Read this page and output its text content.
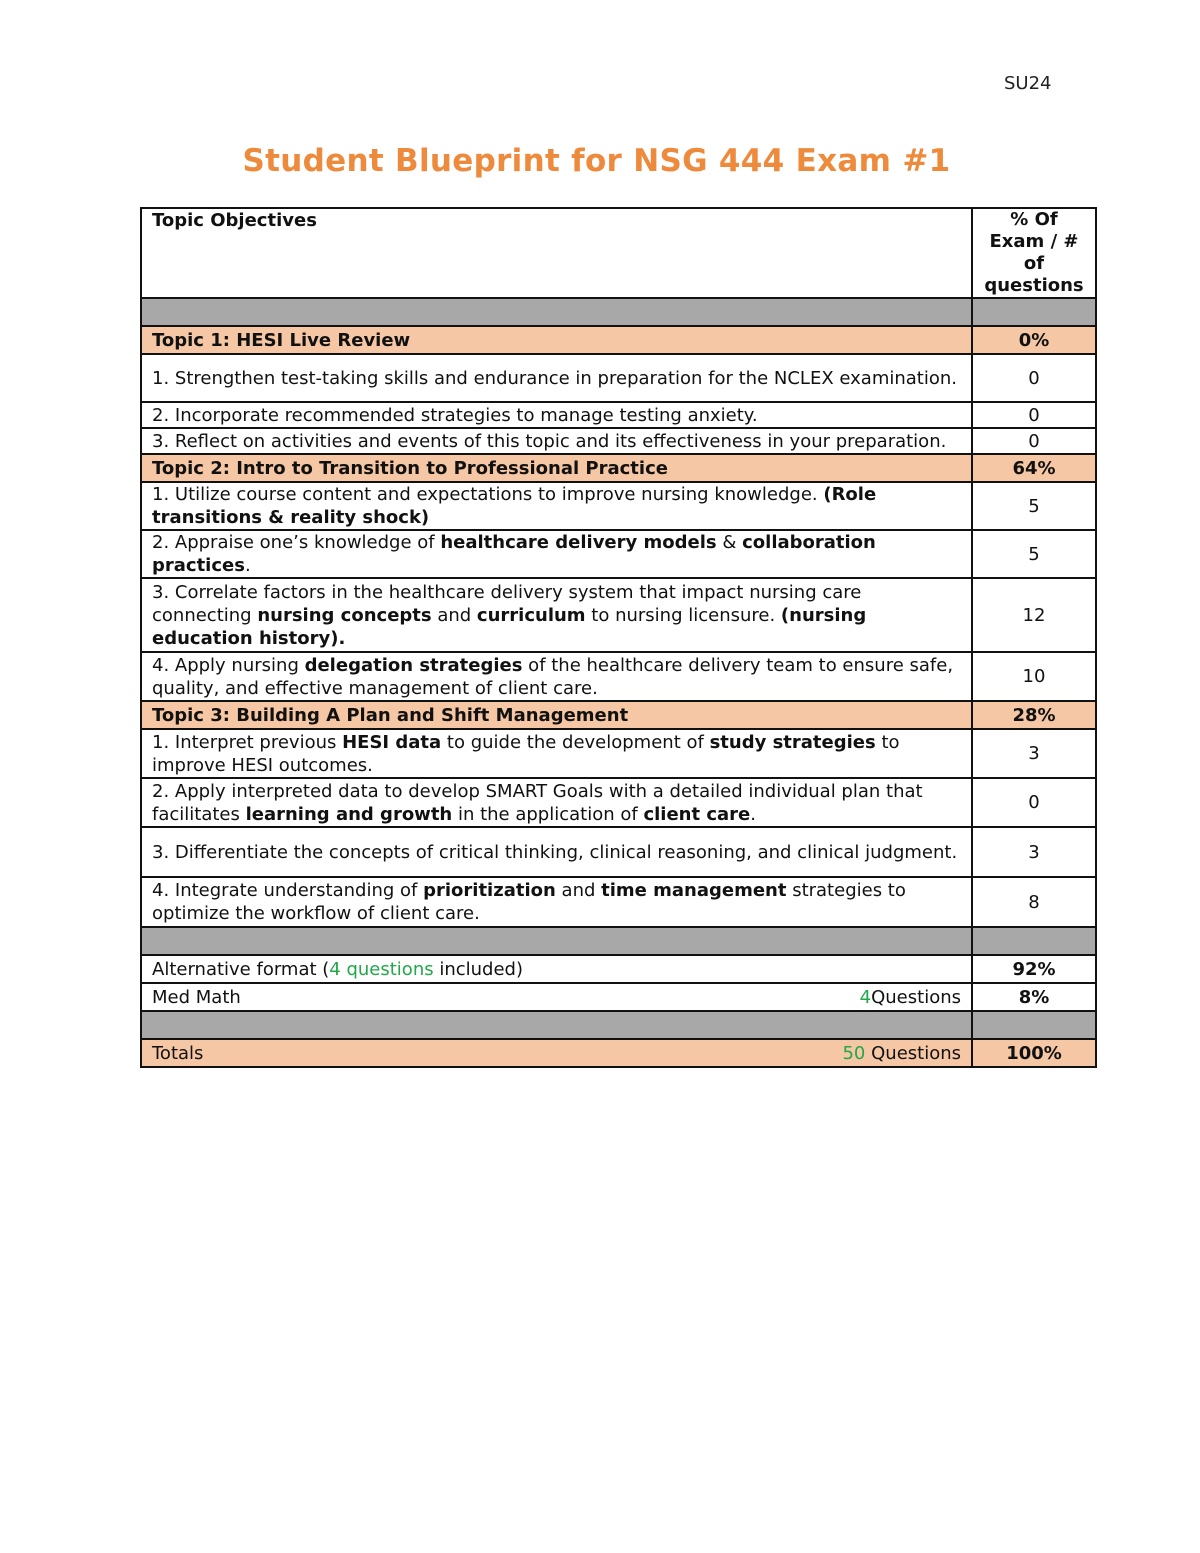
SU24
Student Blueprint for NSG 444 Exam #1
Topic Objectives	% Of Exam / # of questions

Topic 1: HESI Live Review	0%
1. Strengthen test-taking skills and endurance in preparation for the NCLEX examination.	0
2. Incorporate recommended strategies to manage testing anxiety.	0
3. Reflect on activities and events of this topic and its effectiveness in your preparation.	0
Topic 2: Intro to Transition to Professional Practice	64%
1. Utilize course content and expectations to improve nursing knowledge. (Role transitions & reality shock)	5
2. Appraise one’s knowledge of healthcare delivery models & collaboration practices.	5
3. Correlate factors in the healthcare delivery system that impact nursing care connecting nursing concepts and curriculum to nursing licensure. (nursing education history).	12
4. Apply nursing delegation strategies of the healthcare delivery team to ensure safe, quality, and effective management of client care.	10
Topic 3: Building A Plan and Shift Management	28%
1. Interpret previous HESI data to guide the development of study strategies to improve HESI outcomes.	3
2. Apply interpreted data to develop SMART Goals with a detailed individual plan that facilitates learning and growth in the application of client care.	0
3. Differentiate the concepts of critical thinking, clinical reasoning, and clinical judgment.	3
4. Integrate understanding of prioritization and time management strategies to optimize the workflow of client care.	8

Alternative format (4 questions included)	92%

Med Math 4Questions	8%

Totals 50 Questions	100%
